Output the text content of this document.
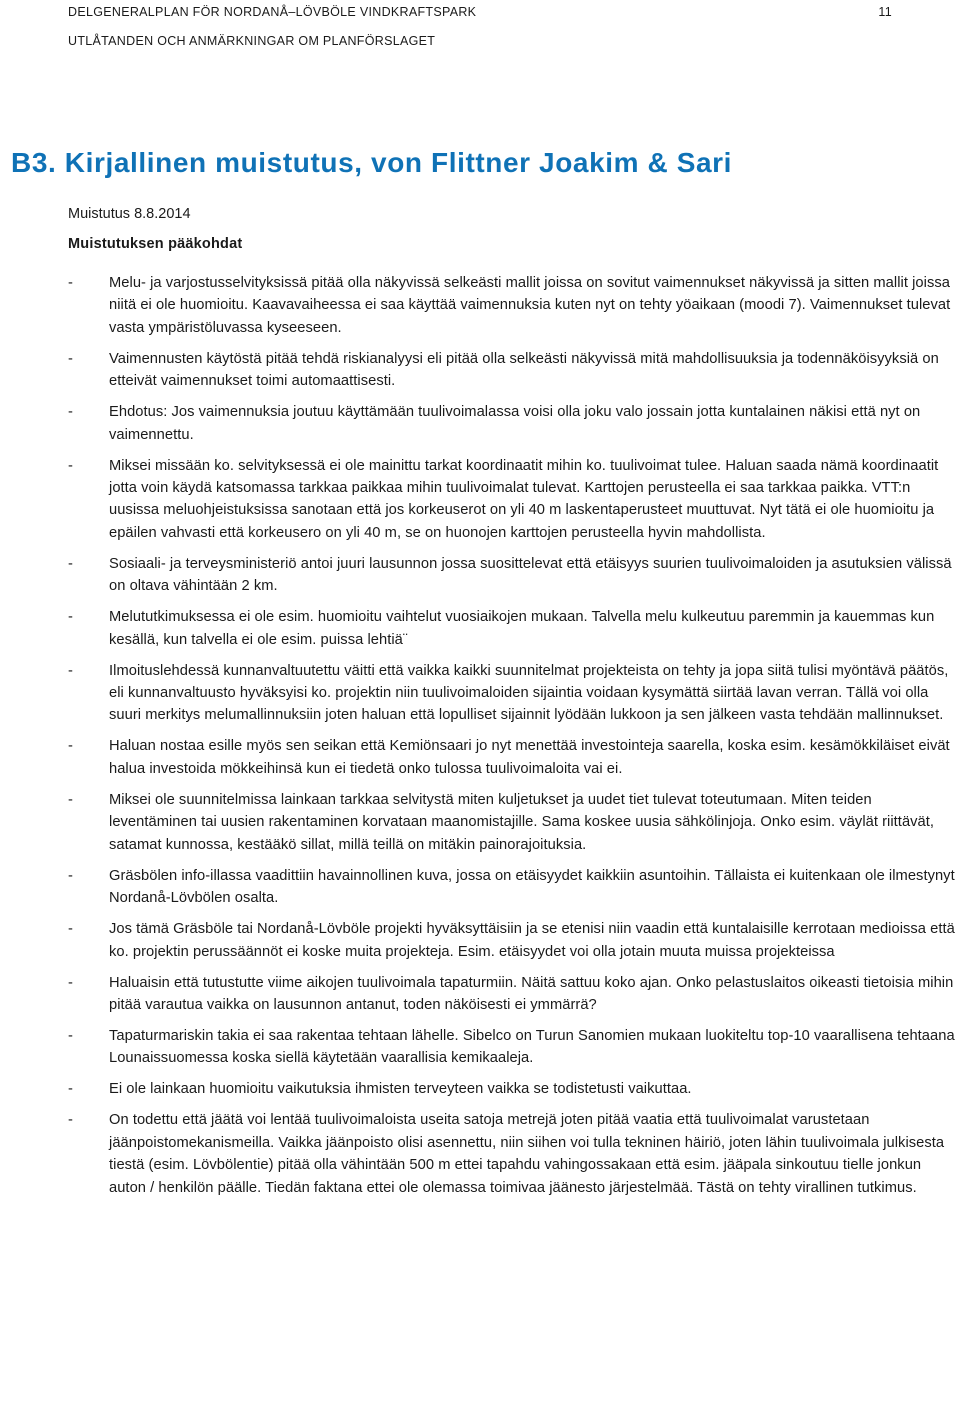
DELGENERALPLAN FÖR NORDANÅ–LÖVBÖLE VINDKRAFTSPARK	11
UTLÅTANDEN OCH ANMÄRKNINGAR OM PLANFÖRSLAGET
B3. Kirjallinen muistutus, von Flittner Joakim & Sari
Muistutus 8.8.2014
Muistutuksen pääkohdat
- Melu- ja varjostusselvityksissä pitää olla näkyvissä selkeästi mallit joissa on sovitut vaimennukset näkyvissä ja sitten mallit joissa niitä ei ole huomioitu. Kaavavaiheessa ei saa käyttää vaimennuksia kuten nyt on tehty yöaikaan (moodi 7). Vaimennukset tulevat vasta ympäristöluvassa kyseeseen.
- Vaimennusten käytöstä pitää tehdä riskianalyysi eli pitää olla selkeästi näkyvissä mitä mahdollisuuksia ja todennäköisyyksiä on etteivät vaimennukset toimi automaattisesti.
- Ehdotus: Jos vaimennuksia joutuu käyttämään tuulivoimalassa voisi olla joku valo jossain jotta kuntalainen näkisi että nyt on vaimennettu.
- Miksei missään ko. selvityksessä ei ole mainittu tarkat koordinaatit mihin ko. tuulivoimat tulee. Haluan saada nämä koordinaatit jotta voin käydä katsomassa tarkkaa paikkaa mihin tuulivoimalat tulevat. Karttojen perusteella ei saa tarkkaa paikka. VTT:n uusissa meluohjeistuksissa sanotaan että jos korkeuserot on yli 40 m laskentaperusteet muuttuvat. Nyt tätä ei ole huomioitu ja epäilen vahvasti että korkeusero on yli 40 m, se on huonojen karttojen perusteella hyvin mahdollista.
- Sosiaali- ja terveysministeriö antoi juuri lausunnon jossa suosittelevat että etäisyys suurien tuulivoimaloiden ja asutuksien välissä on oltava vähintään 2 km.
- Melututkimuksessa ei ole esim. huomioitu vaihtelut vuosiaikojen mukaan. Talvella melu kulkeutuu paremmin ja kauemmas kun kesällä, kun talvella ei ole esim. puissa lehtiä¨
- Ilmoituslehdessä kunnanvaltuutettu väitti että vaikka kaikki suunnitelmat projekteista on tehty ja jopa siitä tulisi myöntävä päätös, eli kunnanvaltuusto hyväksyisi ko. projektin niin tuulivoimaloiden sijaintia voidaan kysymättä siirtää lavan verran. Tällä voi olla suuri merkitys melumallinnuksiin joten haluan että lopulliset sijainnit lyödään lukkoon ja sen jälkeen vasta tehdään mallinnukset.
- Haluan nostaa esille myös sen seikan että Kemiönsaari jo nyt menettää investointeja saarella, koska esim. kesämökkiläiset eivät halua investoida mökkeihinsä kun ei tiedetä onko tulossa tuulivoimaloita vai ei.
- Miksei ole suunnitelmissa lainkaan tarkkaa selvitystä miten kuljetukset ja uudet tiet tulevat toteutumaan. Miten teiden leventäminen tai uusien rakentaminen korvataan maanomistajille. Sama koskee uusia sähkölinjoja. Onko esim. väylät riittävät, satamat kunnossa, kestääkö sillat, millä teillä on mitäkin painorajoituksia.
- Gräsbölen info-illassa vaadittiin havainnollinen kuva, jossa on etäisyydet kaikkiin asuntoihin. Tällaista ei kuitenkaan ole ilmestynyt Nordanå-Lövbölen osalta.
- Jos tämä Gräsböle tai Nordanå-Lövböle projekti hyväksyttäisiin ja se etenisi niin vaadin että kuntalaisille kerrotaan medioissa että ko. projektin perussäännöt ei koske muita projekteja. Esim. etäisyydet voi olla jotain muuta muissa projekteissa
- Haluaisin että tutustutte viime aikojen tuulivoimala tapaturmiin. Näitä sattuu koko ajan. Onko pelastuslaitos oikeasti tietoisia mihin pitää varautua vaikka on lausunnon antanut, toden näköisesti ei ymmärrä?
- Tapaturmariskin takia ei saa rakentaa tehtaan lähelle. Sibelco on Turun Sanomien mukaan luokiteltu top-10 vaarallisena tehtaana Lounaissuomessa koska siellä käytetään vaarallisia kemikaaleja.
- Ei ole lainkaan huomioitu vaikutuksia ihmisten terveyteen vaikka se todistetusti vaikuttaa.
- On todettu että jäätä voi lentää tuulivoimaloista useita satoja metrejä joten pitää vaatia että tuulivoimalat varustetaan jäänpoistomekanismeilla. Vaikka jäänpoisto olisi asennettu, niin siihen voi tulla tekninen häiriö, joten lähin tuulivoimala julkisesta tiestä (esim. Lövbölentie) pitää olla vähintään 500 m ettei tapahdu vahingossakaan että esim. jääpala sinkoutuu tielle jonkun auton / henkilön päälle. Tiedän faktana ettei ole olemassa toimivaa jäänesto järjestelmää. Tästä on tehty virallinen tutkimus.
